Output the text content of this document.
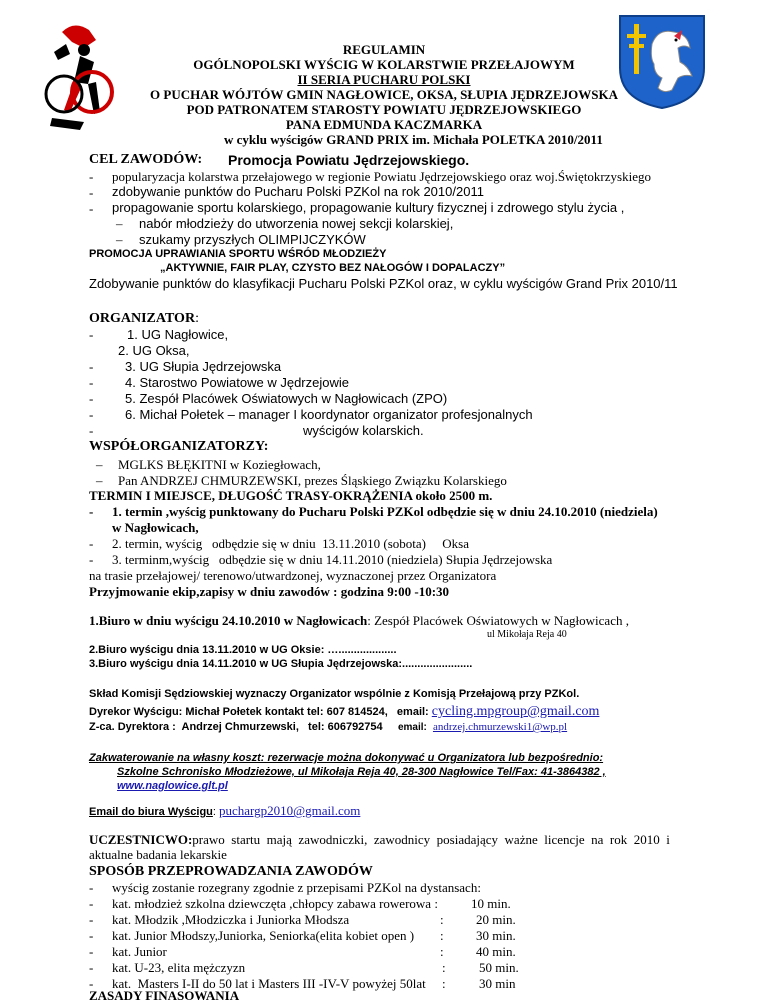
REGULAMIN
OGÓLNOPOLSKI WYŚCIG W KOLARSTWIE PRZEŁAJOWYM
II SERIA PUCHARU POLSKI
O PUCHAR WÓJTÓW GMIN NAGŁOWICE, OKSA, SŁUPIA JĘDRZEJOWSKA
POD PATRONATEM STAROSTY POWIATU JĘDRZEJOWSKIEGO
PANA EDMUNDA KACZMARKA
w cyklu wyścigów GRAND PRIX im. Michała POLETKA 2010/2011
CEL ZAWODÓW: Promocja Powiatu Jędrzejowskiego.
- popularyzacja kolarstwa przełajowego w regionie Powiatu Jędrzejowskiego oraz woj.Świętokrzyskiego
- zdobywanie punktów do Pucharu Polski PZKol na rok 2010/2011
- propagowanie sportu kolarskiego, propagowanie kultury fizycznej i zdrowego stylu życia ,
– nabór młodzieży do utworzenia nowej sekcji kolarskiej,
– szukamy przyszłych OLIMPIJCZYKÓW
PROMOCJA UPRAWIANIA SPORTU WŚRÓD MŁODZIEŻY
„AKTYWNIE, FAIR PLAY, CZYSTO BEZ NAŁOGÓW I DOPALACZY”
Zdobywanie punktów do klasyfikacji Pucharu Polski PZKol oraz, w cyklu wyścigów Grand Prix 2010/11
ORGANIZATOR:
-	1. UG Nagłowice,
2. UG Oksa,
- 3. UG Słupia Jędrzejowska
- 4. Starostwo Powiatowe w Jędrzejowie
- 5. Zespół Placówek Oświatowych w Nagłowicach (ZPO)
- 6. Michał Połetek – manager I koordynator organizator profesjonalnych
-	wyścigów kolarskich.
WSPÓŁORGANIZATORZY:
– MGLKS BŁĘKITNI w Koziegłowach,
– Pan ANDRZEJ CHMURZEWSKI, prezes Śląskiego Związku Kolarskiego
TERMIN I MIEJSCE, DŁUGOŚĆ TRASY-OKRĄŻENIA około 2500 m.
- 1. termin ,wyścig punktowany do Pucharu Polski PZKol odbędzie się w dniu 24.10.2010 (niedziela)
w Nagłowicach,
- 2. termin, wyścig   odbędzie się w dniu  13.11.2010 (sobota)     Oksa
- 3. terminm,wyścig   odbędzie się w dniu 14.11.2010 (niedziela) Słupia Jędrzejowska
na trasie przełajowej/ terenowo/utwardzonej, wyznaczonej przez Organizatora
Przyjmowanie ekip,zapisy w dniu zawodów : godzina 9:00 -10:30
1.Biuro w dniu wyścigu 24.10.2010 w Nagłowicach: Zespół Placówek Oświatowych w Nagłowicach ,
ul Mikołaja Reja 40
2.Biuro wyścigu dnia 13.11.2010 w UG Oksie: …...................
3.Biuro wyścigu dnia 14.11.2010 w UG Słupia Jędrzejowska:.......................
Skład Komisji Sędziowskiej wyznaczy Organizator wspólnie z Komisją Przełajową przy PZKol.
Dyrekor Wyścigu: Michał Połetek kontakt tel: 607 814524,   email: cycling.mpgroup@gmail.com
Z-ca. Dyrektora :  Andrzej Chmurzewski,   tel: 606792754 email: andrzej.chmurzewski1@wp.pl
Zakwaterowanie na własny koszt: rezerwacje można dokonywać u Organizatora lub bezpośrednio:
Szkolne Schronisko Młodzieżowe, ul Mikołaja Reja 40, 28-300 Nagłowice Tel/Fax: 41-3864382 ,
www.naglowice.glt.pl
Email do biura Wyścigu: puchargp2010@gmail.com
UCZESTNICWO:prawo  startu  mają  zawodniczki,  zawodnicy  posiadający  ważne  licencje  na  rok  2010  i
aktualne badania lekarskie
SPOSÓB PRZEPROWADZANIA ZAWODÓW
- wyścig zostanie rozegrany zgodnie z przepisami PZKol na dystansach:
- kat. młodzież szkolna dziewczęta ,chłopcy zabawa rowerowa :	10 min.
- kat. Młodzik ,Młodziczka i Juniorka Młodsza	: 20 min.
- kat. Junior Młodszy,Juniorka, Seniorka(elita kobiet open ) : 30 min.
- kat. Junior	: 40 min.
- kat. U-23, elita mężczyzn	:	50 min.
- kat.  Masters I-II do 50 lat i Masters III -IV-V powyżej 50lat :	30 min
ZASADY FINASOWANIA
